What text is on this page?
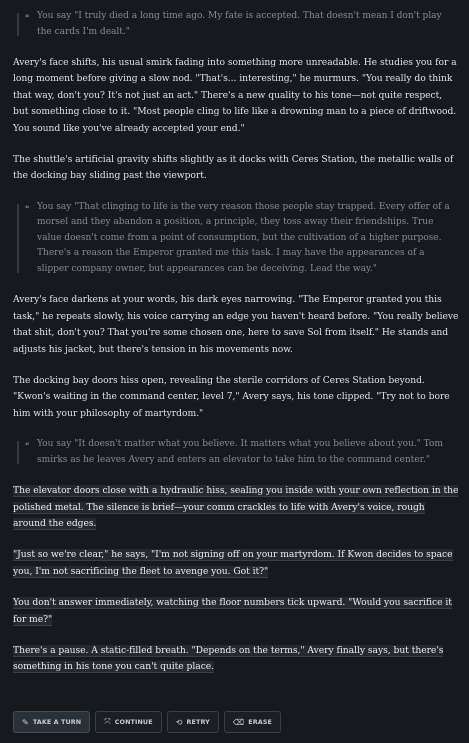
❝ You say "I truly died a long time ago. My fate is accepted. That doesn't mean I don't play the cards I'm dealt."

Avery's face shifts, his usual smirk fading into something more unreadable. He studies you for a long moment before giving a slow nod. "That's... interesting," he murmurs. "You really do think that way, don't you? It's not just an act." There's a new quality to his tone—not quite respect, but something close to it. "Most people cling to life like a drowning man to a piece of driftwood. You sound like you've already accepted your end."

The shuttle's artificial gravity shifts slightly as it docks with Ceres Station, the metallic walls of the docking bay sliding past the viewport.

❝ You say "That clinging to life is the very reason those people stay trapped. Every offer of a morsel and they abandon a position, a principle, they toss away their friendships. True value doesn't come from a point of consumption, but the cultivation of a higher purpose. There's a reason the Emperor granted me this task. I may have the appearances of a slipper company owner, but appearances can be deceiving. Lead the way."

Avery's face darkens at your words, his dark eyes narrowing. "The Emperor granted you this task," he repeats slowly, his voice carrying an edge you haven't heard before. "You really believe that shit, don't you? That you're some chosen one, here to save Sol from itself." He stands and adjusts his jacket, but there's tension in his movements now.

The docking bay doors hiss open, revealing the sterile corridors of Ceres Station beyond. "Kwon's waiting in the command center, level 7," Avery says, his tone clipped. "Try not to bore him with your philosophy of martyrdom."

❝ You say "It doesn't matter what you believe. It matters what you believe about you." Tom smirks as he leaves Avery and enters an elevator to take him to the command center."

The elevator doors close with a hydraulic hiss, sealing you inside with your own reflection in the polished metal. The silence is brief—your comm crackles to life with Avery's voice, rough around the edges.

"Just so we're clear," he says, "I'm not signing off on your martyrdom. If Kwon decides to space you, I'm not sacrificing the fleet to avenge you. Got it?"

You don't answer immediately, watching the floor numbers tick upward. "Would you sacrifice it for me?"

There's a pause. A static-filled breath. "Depends on the terms," Avery finally says, but there's something in his tone you can't quite place.

✎ TAKE A TURN	⤧ CONTINUE	⟲ RETRY	⌫ ERASE
